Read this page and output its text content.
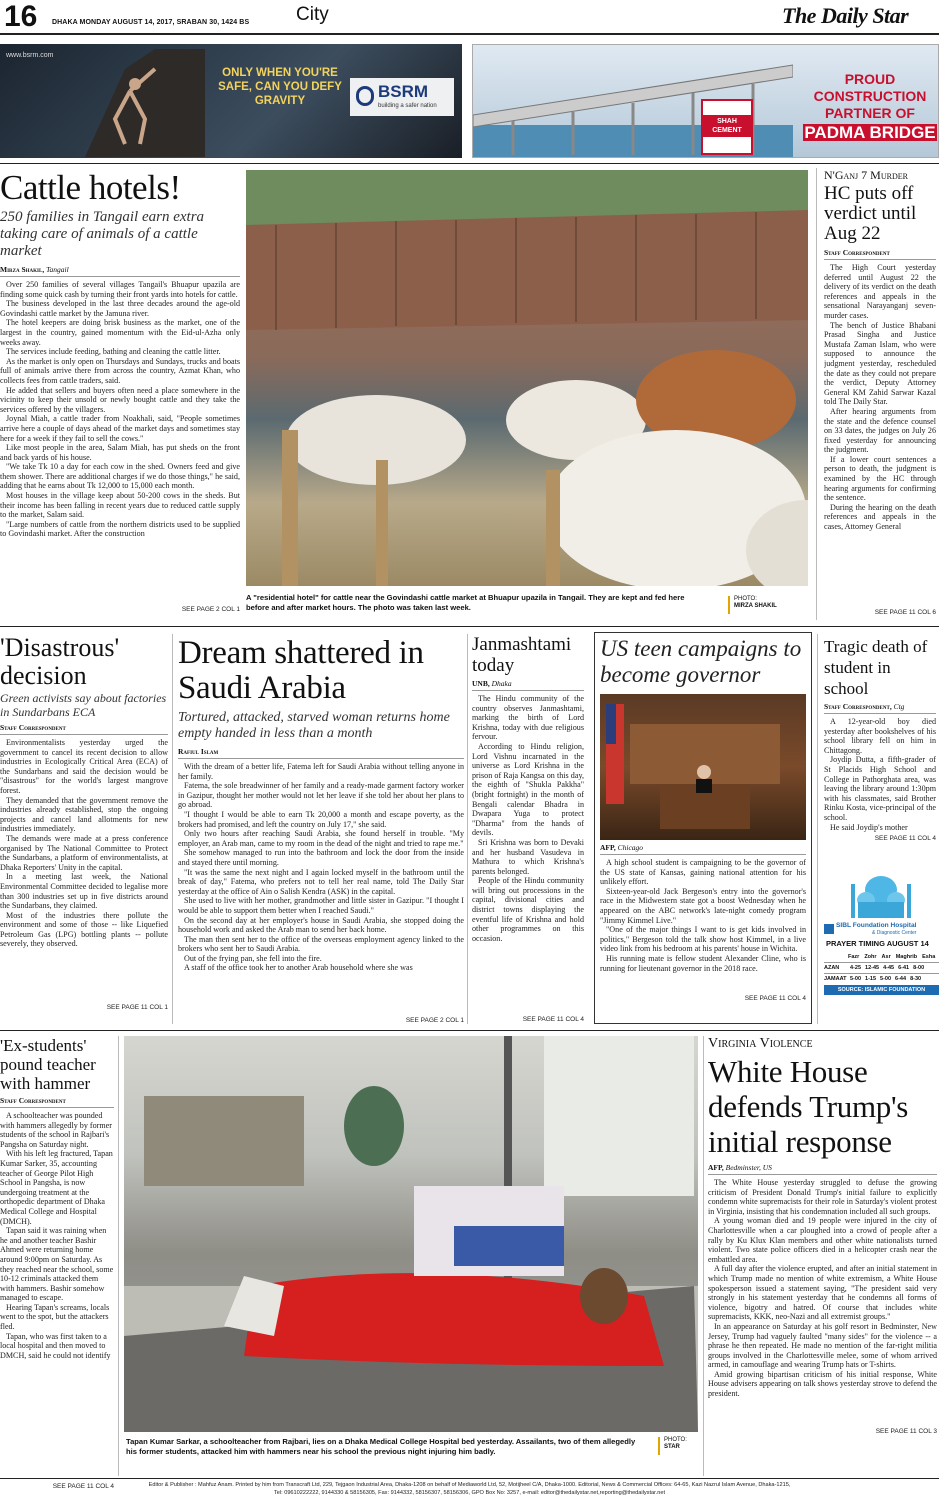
16 DHAKA MONDAY AUGUST 14, 2017, SRABAN 30, 1424 BS City	The Daily Star
www.bsrm.com
ONLY WHEN YOU'RE SAFE, CAN YOU DEFY GRAVITY	BSRM
building a safer nation
SHAH CEMENT
PROUD
CONSTRUCTION
PARTNER OF
PADMA BRIDGE
Cattle hotels!
250 families in Tangail earn extra taking care of animals of a cattle market
Mirza Shakil, Tangail

Over 250 families of several villages Tangail's Bhuapur upazila are finding some quick cash by turning their front yards into hotels for cattle.

The business developed in the last three decades around the age-old Govindashi cattle market by the Jamuna river.

The hotel keepers are doing brisk business as the market, one of the largest in the country, gained momentum with the Eid-ul-Azha only weeks away.

The services include feeding, bathing and cleaning the cattle litter.

As the market is only open on Thursdays and Sundays, trucks and boats full of animals arrive there from across the country, Azmat Khan, who collects fees from cattle traders, said.

He added that sellers and buyers often need a place somewhere in the vicinity to keep their unsold or newly bought cattle and they take the services offered by the villagers.

Joynal Miah, a cattle trader from Noakhali, said, "People sometimes arrive here a couple of days ahead of the market days and sometimes stay here for a week if they fail to sell the cows."

Like most people in the area, Salam Miah, has put sheds on the front and back yards of his house.

"We take Tk 10 a day for each cow in the shed. Owners feed and give them shower. There are additional charges if we do those things," he said, adding that he earns about Tk 12,000 to 15,000 each month.

Most houses in the village keep about 50-200 cows in the sheds. But their income has been falling in recent years due to reduced cattle supply to the market, Salam said.

"Large numbers of cattle from the northern districts used to be supplied to Govindashi market. After the construction

SEE PAGE 2 COL 1
A "residential hotel" for cattle near the Govindashi cattle market at Bhuapur upazila in Tangail. They are kept and fed here before and after market hours. The photo was taken last week.
PHOTO:
MIRZA SHAKIL
N'Ganj 7 Murder
HC puts off verdict until Aug 22
Staff Correspondent

The High Court yesterday deferred until August 22 the delivery of its verdict on the death references and appeals in the sensational Narayanganj seven-murder cases.

The bench of Justice Bhabani Prasad Singha and Justice Mustafa Zaman Islam, who were supposed to announce the judgment yesterday, rescheduled the date as they could not prepare the verdict, Deputy Attorney General KM Zahid Sarwar Kazal told The Daily Star.

After hearing arguments from the state and the defence counsel on 33 dates, the judges on July 26 fixed yesterday for announcing the judgment.

If a lower court sentences a person to death, the judgment is examined by the HC through hearing arguments for confirming the sentence.

During the hearing on the death references and appeals in the cases, Attorney General

SEE PAGE 11 COL 6
'Disastrous' decision
Green activists say about factories in Sundarbans ECA
Staff Correspondent

Environmentalists yesterday urged the government to cancel its recent decision to allow industries in Ecologically Critical Area (ECA) of the Sundarbans and said the decision would be "disastrous" for the world's largest mangrove forest.

They demanded that the government remove the industries already established, stop the ongoing projects and cancel land allotments for new industries immediately.

The demands were made at a press conference organised by The National Committee to Protect the Sundarbans, a platform of environmentalists, at Dhaka Reporters' Unity in the capital.

In a meeting last week, the National Environmental Committee decided to legalise more than 300 industries set up in five districts around the Sundarbans, they claimed.

Most of the industries there pollute the environment and some of those -- like Liquefied Petroleum Gas (LPG) bottling plants -- pollute severely, they observed.

SEE PAGE 11 COL 1
Dream shattered in Saudi Arabia
Tortured, attacked, starved woman returns home empty handed in less than a month
Rafiul Islam

With the dream of a better life, Fatema left for Saudi Arabia without telling anyone in her family.

Fatema, the sole breadwinner of her family and a ready-made garment factory worker in Gazipur, thought her mother would not let her leave if she told her about her plans to go abroad.

"I thought I would be able to earn Tk 20,000 a month and escape poverty, as the brokers had promised, and left the country on July 17," she said.

Only two hours after reaching Saudi Arabia, she found herself in trouble. "My employer, an Arab man, came to my room in the dead of the night and tried to rape me."

She somehow managed to run into the bathroom and lock the door from the inside and stayed there until morning.

"It was the same the next night and I again locked myself in the bathroom until the break of day," Fatema, who prefers not to tell her real name, told The Daily Star yesterday at the office of Ain o Salish Kendra (ASK) in the capital.

She used to live with her mother, grandmother and little sister in Gazipur. "I thought I would be able to support them better when I reached Saudi."

On the second day at her employer's house in Saudi Arabia, she stopped doing the household work and asked the Arab man to send her back home.

The man then sent her to the office of the overseas employment agency linked to the brokers who sent her to Saudi Arabia.

Out of the frying pan, she fell into the fire.

A staff of the office took her to another Arab household where she was

SEE PAGE 2 COL 1
Janmashtami today
UNB, Dhaka

The Hindu community of the country observes Janmashtami, marking the birth of Lord Krishna, today with due religious fervour.

According to Hindu religion, Lord Vishnu incarnated in the universe as Lord Krishna in the prison of Raja Kangsa on this day, the eighth of "Shukla Pakkha" (bright fortnight) in the month of Bengali calendar Bhadra in Dwapara Yuga to protect "Dharma" from the hands of devils.

Sri Krishna was born to Devaki and her husband Vasudeva in Mathura to which Krishna's parents belonged.

People of the Hindu community will bring out processions in the capital, divisional cities and district towns displaying the eventful life of Krishna and hold other programmes on this occasion.

SEE PAGE 11 COL 4
US teen campaigns to become governor
AFP, Chicago

A high school student is campaigning to be the governor of the US state of Kansas, gaining national attention for his unlikely effort.

Sixteen-year-old Jack Bergeson's entry into the governor's race in the Midwestern state got a boost Wednesday when he appeared on the ABC network's late-night comedy program "Jimmy Kimmel Live."

"One of the major things I want to is get kids involved in politics," Bergeson told the talk show host Kimmel, in a live video link from his bedroom at his parents' house in Wichita.

His running mate is fellow student Alexander Cline, who is running for lieutenant governor in the 2018 race.

SEE PAGE 11 COL 4
Tragic death of student in school
Staff Correspondent, Ctg

A 12-year-old boy died yesterday after bookshelves of his school library fell on him in Chittagong.

Joydip Dutta, a fifth-grader of St Placids High School and College in Pathorghata area, was leaving the library around 1:30pm with his classmates, said Brother Rinku Kosta, vice-principal of the school.

He said Joydip's mother

SEE PAGE 11 COL 4
SIBL Foundation Hospital
& Diagnostic Center
PRAYER TIMING AUGUST 14
Fazr Zohr Asr Maghrib Esha
AZAN	4-25 12-45 4-45 6-41 8-00
JAMAAT 5-00 1-15 5-00 6-44 8-30
SOURCE: ISLAMIC FOUNDATION
'Ex-students' pound teacher with hammer
Staff Correspondent

A schoolteacher was pounded with hammers allegedly by former students of the school in Rajbari's Pangsha on Saturday night.

With his left leg fractured, Tapan Kumar Sarker, 35, accounting teacher of George Pilot High School in Pangsha, is now undergoing treatment at the orthopedic department of Dhaka Medical College and Hospital (DMCH).

Tapan said it was raining when he and another teacher Bashir Ahmed were returning home around 9:00pm on Saturday. As they reached near the school, some 10-12 criminals attacked them with hammers. Bashir somehow managed to escape.

Hearing Tapan's screams, locals went to the spot, but the attackers fled.

Tapan, who was first taken to a local hospital and then moved to DMCH, said he could not identify

SEE PAGE 11 COL 4
Tapan Kumar Sarkar, a schoolteacher from Rajbari, lies on a Dhaka Medical College Hospital bed yesterday. Assailants, two of them allegedly his former students, attacked him with hammers near his school the previous night injuring him badly.
PHOTO:
STAR
Virginia Violence
White House defends Trump's initial response
AFP, Bedminster, US

The White House yesterday struggled to defuse the growing criticism of President Donald Trump's initial failure to explicitly condemn white supremacists for their role in Saturday's violent protest in Virginia, insisting that his condemnation included all such groups.

A young woman died and 19 people were injured in the city of Charlottesville when a car ploughed into a crowd of people after a rally by Ku Klux Klan members and other white nationalists turned violent. Two state police officers died in a helicopter crash near the embattled area.

A full day after the violence erupted, and after an initial statement in which Trump made no mention of white extremism, a White House spokesperson issued a statement saying, "The president said very strongly in his statement yesterday that he condemns all forms of violence, bigotry and hatred. Of course that includes white supremacists, KKK, neo-Nazi and all extremist groups."

In an appearance on Saturday at his golf resort in Bedminster, New Jersey, Trump had vaguely faulted "many sides" for the violence -- a phrase he then repeated. He made no mention of the far-right militia groups involved in the Charlottesville melee, some of whom arrived armed, in camouflage and wearing Trump hats or T-shirts.

Amid growing bipartisan criticism of his initial response, White House advisers appearing on talk shows yesterday strove to defend the president.

SEE PAGE 11 COL 3
Editor & Publisher : Mahfuz Anam. Printed by him from Transcraft Ltd, 229, Tejgaon Industrial Area, Dhaka-1208 on behalf of Mediaworld Ltd, 52, Motijheel C/A, Dhaka-1000. Editorial, News & Commercial Offices: 64-65, Kazi Nazrul Islam Avenue, Dhaka-1215,
Tel: 09610222222, 9144330 & 58156305, Fax: 9144332, 58156307, 58156306, GPO Box No: 3257, e-mail: editor@thedailystar.net,reporting@thedailystar.net
